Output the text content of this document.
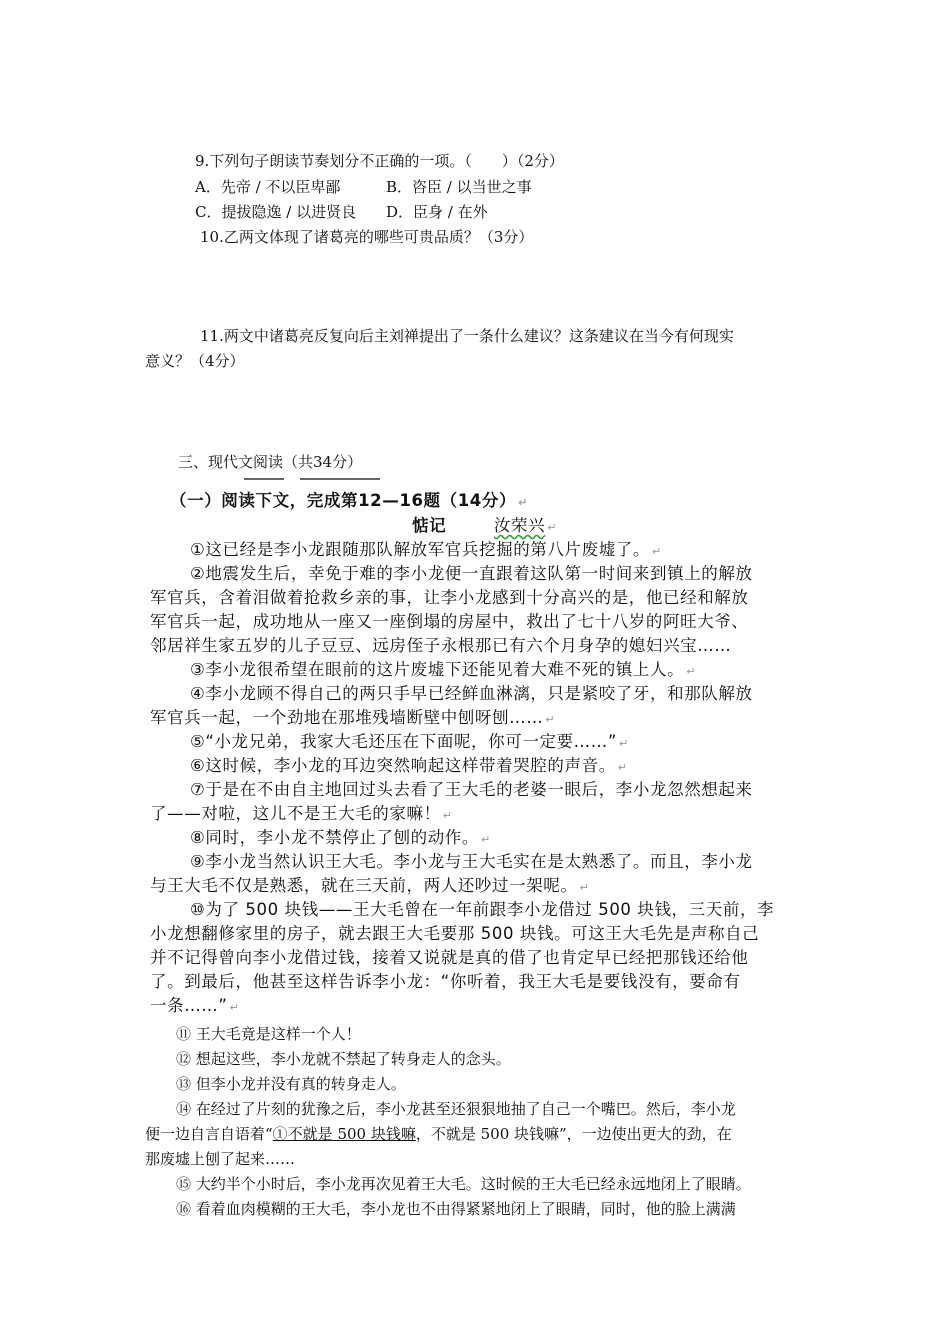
9.下列句子朗读节奏划分不正确的一项。（　　）（2分）
A．先帝 / 不以臣卑鄙	B．咨臣 / 以当世之事
C．提拔隐逸 / 以进贤良 D．臣身 / 在外
10.乙两文体现了诸葛亮的哪些可贵品质？（3分）
11.两文中诸葛亮反复向后主刘禅提出了一条什么建议？这条建议在当今有何现实
意义？（4分）
三、现代文阅读（共34分）
（一）阅读下文，完成第12—16题（14分） ↵
惦记	汝荣兴 ↵
①这已经是李小龙跟随那队解放军官兵挖掘的第八片废墟了。 ↵
②地震发生后，幸免于难的李小龙便一直跟着这队第一时间来到镇上的解放
军官兵，含着泪做着抢救乡亲的事，让李小龙感到十分高兴的是，他已经和解放
军官兵一起，成功地从一座又一座倒塌的房屋中，救出了七十八岁的阿旺大爷、
邻居祥生家五岁的儿子豆豆、远房侄子永根那已有六个月身孕的媳妇兴宝……
③李小龙很希望在眼前的这片废墟下还能见着大难不死的镇上人。 ↵
④李小龙顾不得自己的两只手早已经鲜血淋漓，只是紧咬了牙，和那队解放
军官兵一起，一个劲地在那堆残墙断壁中刨呀刨…… ↵
⑤“小龙兄弟，我家大毛还压在下面呢，你可一定要……” ↵
⑥这时候，李小龙的耳边突然响起这样带着哭腔的声音。 ↵
⑦于是在不由自主地回过头去看了王大毛的老婆一眼后，李小龙忽然想起来
了——对啦，这儿不是王大毛的家嘛！ ↵
⑧同时，李小龙不禁停止了刨的动作。 ↵
⑨李小龙当然认识王大毛。李小龙与王大毛实在是太熟悉了。而且，李小龙
与王大毛不仅是熟悉，就在三天前，两人还吵过一架呢。 ↵
⑩为了 500 块钱——王大毛曾在一年前跟李小龙借过 500 块钱，三天前，李
小龙想翻修家里的房子，就去跟王大毛要那 500 块钱。可这王大毛先是声称自己
并不记得曾向李小龙借过钱，接着又说就是真的借了也肯定早已经把那钱还给他
了。到最后，他甚至这样告诉李小龙：“你听着，我王大毛是要钱没有，要命有
一条……” ↵
⑪ 王大毛竟是这样一个人！
⑫ 想起这些，李小龙就不禁起了转身走人的念头。
⑬ 但李小龙并没有真的转身走人。
⑭ 在经过了片刻的犹豫之后，李小龙甚至还狠狠地抽了自己一个嘴巴。然后，李小龙
便一边自言自语着“①不就是 500 块钱嘛，不就是 500 块钱嘛”，一边使出更大的劲，在
那废墟上刨了起来……
⑮ 大约半个小时后，李小龙再次见着王大毛。这时候的王大毛已经永远地闭上了眼睛。
⑯ 看着血肉模糊的王大毛，李小龙也不由得紧紧地闭上了眼睛，同时，他的脸上满满
